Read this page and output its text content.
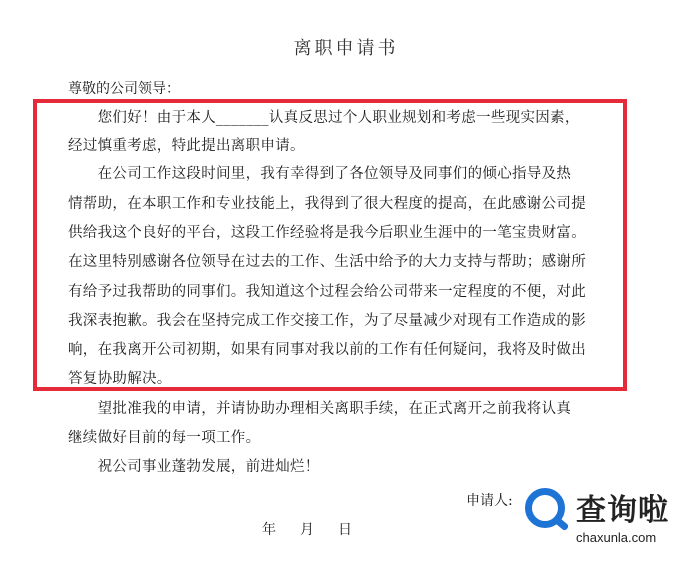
离职申请书
尊敬的公司领导：
　　您们好！由于本人_______认真反思过个人职业规划和考虑一些现实因素，
经过慎重考虑，特此提出离职申请。
　　在公司工作这段时间里，我有幸得到了各位领导及同事们的倾心指导及热
情帮助，在本职工作和专业技能上，我得到了很大程度的提高，在此感谢公司提
供给我这个良好的平台，这段工作经验将是我今后职业生涯中的一笔宝贵财富。
在这里特别感谢各位领导在过去的工作、生活中给予的大力支持与帮助；感谢所
有给予过我帮助的同事们。我知道这个过程会给公司带来一定程度的不便，对此
我深表抱歉。我会在坚持完成工作交接工作，为了尽量减少对现有工作造成的影
响，在我离开公司初期，如果有同事对我以前的工作有任何疑问，我将及时做出
答复协助解决。
　　望批准我的申请，并请协助办理相关离职手续，在正式离开之前我将认真
继续做好目前的每一项工作。
　　祝公司事业蓬勃发展，前进灿烂！
申请人:
年 月 日
查询啦
chaxunla.com
